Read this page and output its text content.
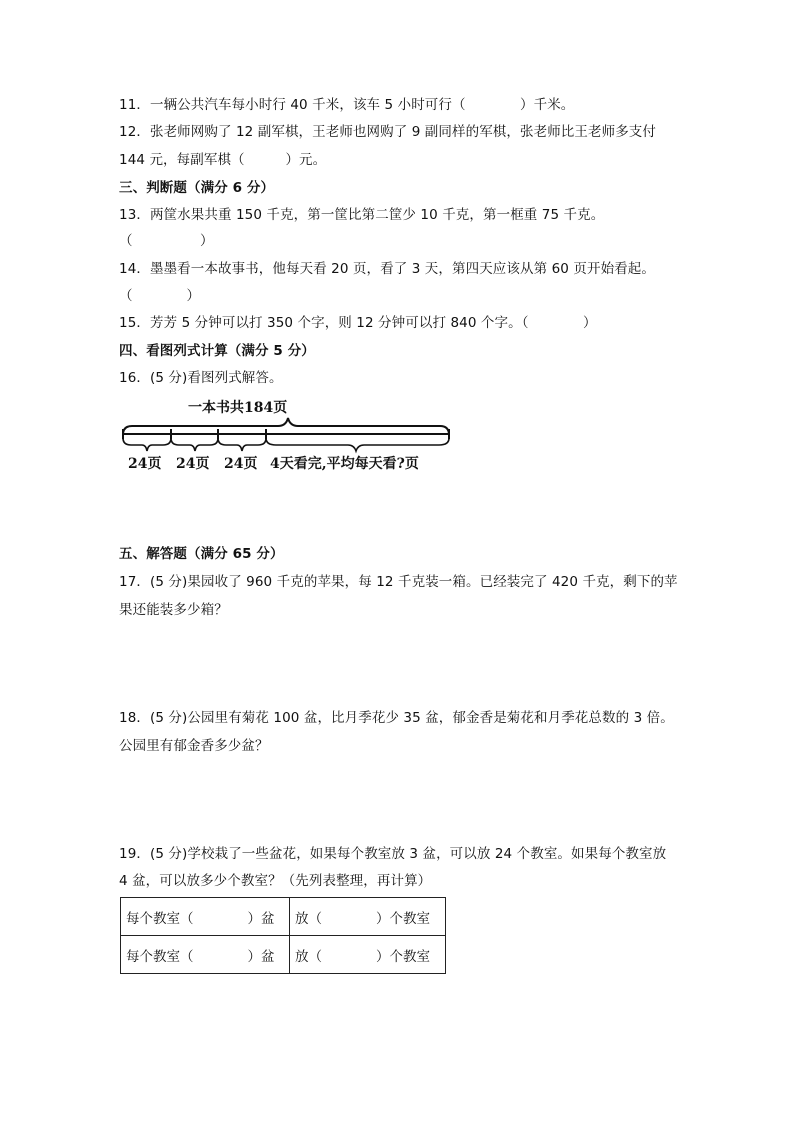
11．一辆公共汽车每小时行 40 千米，该车 5 小时可行（　　　　）千米。
12．张老师网购了 12 副军棋，王老师也网购了 9 副同样的军棋，张老师比王老师多支付
144 元，每副军棋（　　　）元。
三、判断题（满分 6 分）
13．两筐水果共重 150 千克，第一筐比第二筐少 10 千克，第一框重 75 千克。
（　　　　　）
14．墨墨看一本故事书，他每天看 20 页，看了 3 天，第四天应该从第 60 页开始看起。
（　　　　）
15．芳芳 5 分钟可以打 350 个字，则 12 分钟可以打 840 个字。（　　　　）
四、看图列式计算（满分 5 分）
16．(5 分)看图列式解答。
一本书共184页
24页 24页 24页 4天看完,平均每天看?页
五、解答题（满分 65 分）
17．(5 分)果园收了 960 千克的苹果，每 12 千克装一箱。已经装完了 420 千克，剩下的苹
果还能装多少箱？
18．(5 分)公园里有菊花 100 盆，比月季花少 35 盆，郁金香是菊花和月季花总数的 3 倍。
公园里有郁金香多少盆？
19．(5 分)学校栽了一些盆花，如果每个教室放 3 盆，可以放 24 个教室。如果每个教室放
4 盆，可以放多少个教室？（先列表整理，再计算）
每个教室（　　　　）盆	放（　　　　）个教室
每个教室（　　　　）盆	放（　　　　）个教室
